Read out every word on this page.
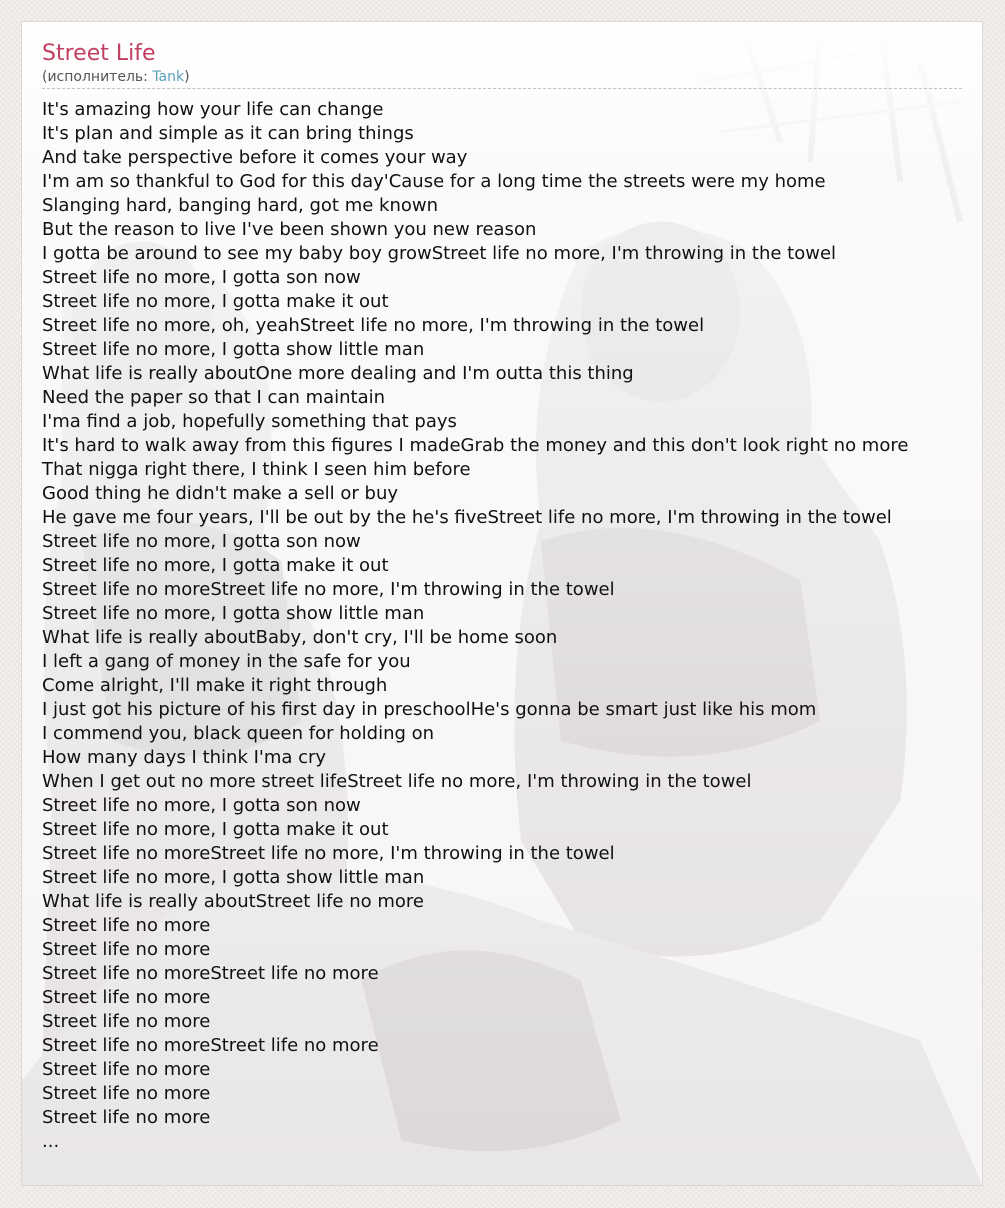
Street Life
(исполнитель: Tank)
It's amazing how your life can change
It's plan and simple as it can bring things
And take perspective before it comes your way
I'm am so thankful to God for this day'Cause for a long time the streets were my home
Slanging hard, banging hard, got me known
But the reason to live I've been shown you new reason
I gotta be around to see my baby boy growStreet life no more, I'm throwing in the towel
Street life no more, I gotta son now
Street life no more, I gotta make it out
Street life no more, oh, yeahStreet life no more, I'm throwing in the towel
Street life no more, I gotta show little man
What life is really aboutOne more dealing and I'm outta this thing
Need the paper so that I can maintain
I'ma find a job, hopefully something that pays
It's hard to walk away from this figures I madeGrab the money and this don't look right no more
That nigga right there, I think I seen him before
Good thing he didn't make a sell or buy
He gave me four years, I'll be out by the he's fiveStreet life no more, I'm throwing in the towel
Street life no more, I gotta son now
Street life no more, I gotta make it out
Street life no moreStreet life no more, I'm throwing in the towel
Street life no more, I gotta show little man
What life is really aboutBaby, don't cry, I'll be home soon
I left a gang of money in the safe for you
Come alright, I'll make it right through
I just got his picture of his first day in preschoolHe's gonna be smart just like his mom
I commend you, black queen for holding on
How many days I think I'ma cry
When I get out no more street lifeStreet life no more, I'm throwing in the towel
Street life no more, I gotta son now
Street life no more, I gotta make it out
Street life no moreStreet life no more, I'm throwing in the towel
Street life no more, I gotta show little man
What life is really aboutStreet life no more
Street life no more
Street life no more
Street life no moreStreet life no more
Street life no more
Street life no more
Street life no moreStreet life no more
Street life no more
Street life no more
Street life no more
...
